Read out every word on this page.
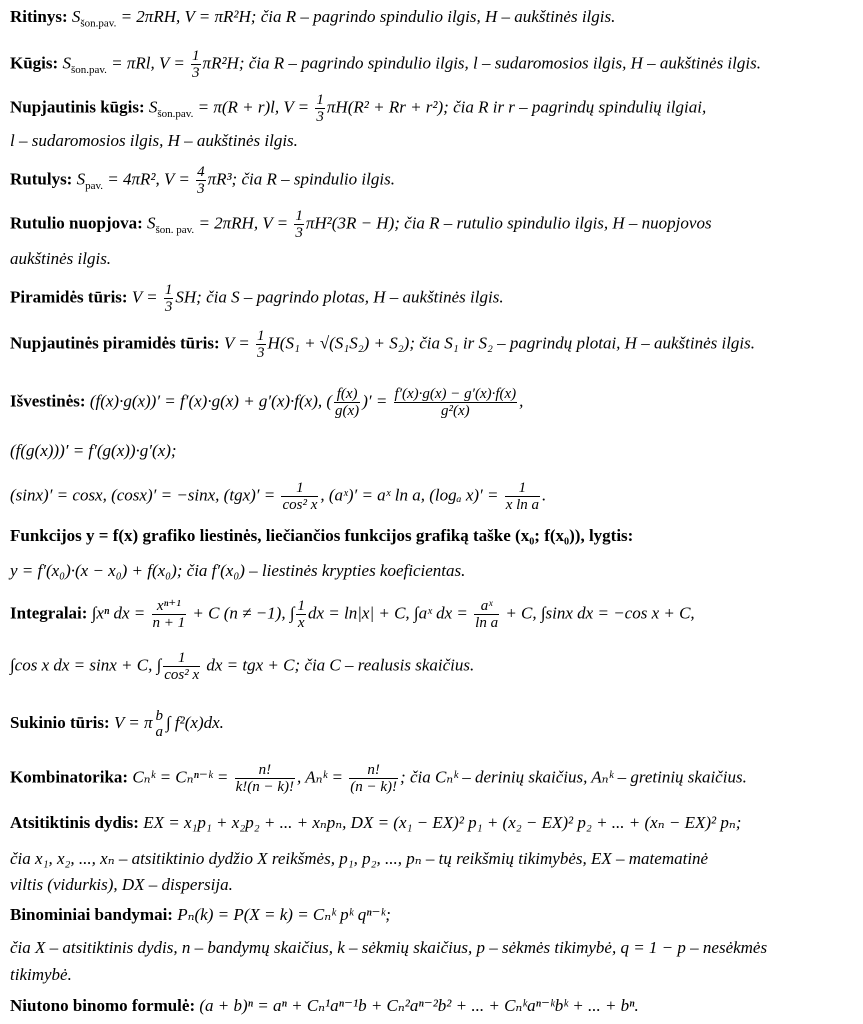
Ritinys: $S_{šon.pav.} = 2\pi RH$, V = πR²H; čia R – pagrindo spindulio ilgis, H – aukštinės ilgis.
Kūgis: $S_{šon.pav.} = \pi Rl$, $V = \frac{1}{3} \pi R^2H$; čia R – pagrindo spindulio ilgis, l – sudaromosios ilgis, H – aukštinės ilgis.
Nupjautinis kūgis: $S_{šon.pav.} = \pi(R + r)l$, $V = \frac{1}{3} \pi H(R^2 + Rr + r^2)$; čia R ir r – pagrindų spindulių ilgiai,
l – sudaromosios ilgis, H – aukštinės ilgis.
Rutulys: $S_{pav.} = 4\pi R^2$, $V = \frac{4}{3} \pi R^3$; čia R – spindulio ilgis.
Rutulio nuopjova: $S_{šon. pav.} = 2\pi RH$, $V = \frac{1}{3} \pi H^2(3R - H)$; čia R – rutulio spindulio ilgis, H – nuopjovos
aukštinės ilgis.
Piramidės tūris: $V = \frac{1}{3}$ SH; čia S – pagrindo plotas, H – aukštinės ilgis.
Nupjautinės piramidės tūris: $V = \frac{1}{3} H(S_1 + √(S_1S_2) + S_2)$; čia S₁ ir S₂ – pagrindų plotai, H – aukštinės ilgis.
Išvestinės: (f(x)·g(x))′ = f′(x)·g(x) + g′(x)·f(x), ( $\frac{f(x)}{g(x)}$ )′ = $\frac{f'(x)\cdot g(x) - g'(x)\cdot f(x)}{\text{g²(x)}}$ ,
(f(g(x)))′ = f′(g(x))·g′(x);
(sinx)′ = cosx, (cosx)′ = −sinx, $(tgx)' = \frac{1}{\text{cos² x}}$ , (aˣ)′ = aˣ ln a, (logₐ $x)' = \frac{1}{\text{x ln a}}$ .
Funkcijos y = f(x) grafiko liestinės, liečiančios funkcijos grafiką taške (x₀; f(x₀)), lygtis:
y = f′(x₀)·(x − x₀) + f(x₀); čia f′(x₀) – liestinės krypties koeficientas.
Integralai: ∫xⁿ dx = $\frac{\text{xⁿ⁺¹}}{n + 1} + C$ (n ≠ −1), ∫ $\frac{1}{x}$ dx = ln|x| + C, ∫aˣ dx = $\frac{\text{aˣ}}{\text{ln a}} + C$, ∫sinx dx = −cos x + C,
∫cos x dx = sinx + C, ∫ $\frac{1}{\text{cos² x}}$ dx = tgx + C; čia C – realusis skaičius.
Sukinio tūris: V = π b
a
∫ f²(x)dx.
Kombinatorika: Cₙᵏ = Cₙⁿ⁻ᵏ = $\frac{n!}{k!(n - k)!}$ , Aₙᵏ = $\frac{n!}{(n - k)!}$ ; čia Cₙᵏ – derinių skaičius, Aₙᵏ – gretinių skaičius.
Atsitiktinis dydis: EX = x₁p₁ + x₂p₂ + ... + xₙpₙ, DX = (x₁ − EX)² p₁ + (x₂ − EX)² p₂ + ... + (xₙ − EX)² pₙ;
čia x₁, x₂, ..., xₙ – atsitiktinio dydžio X reikšmės, p₁, p₂, ..., pₙ – tų reikšmių tikimybės, EX – matematinė
viltis (vidurkis), DX – dispersija.
Binominiai bandymai: Pₙ(k) = P(X = k) = Cₙᵏ pᵏ qⁿ⁻ᵏ;
čia X – atsitiktinis dydis, n – bandymų skaičius, k – sėkmių skaičius, p – sėkmės tikimybė, q = 1 − p – nesėkmės
tikimybė.
Niutono binomo formulė: (a + b)ⁿ = aⁿ + Cₙ¹aⁿ⁻¹b + Cₙ²aⁿ⁻²b² + ... + Cₙᵏaⁿ⁻ᵏbᵏ + ... + bⁿ.
